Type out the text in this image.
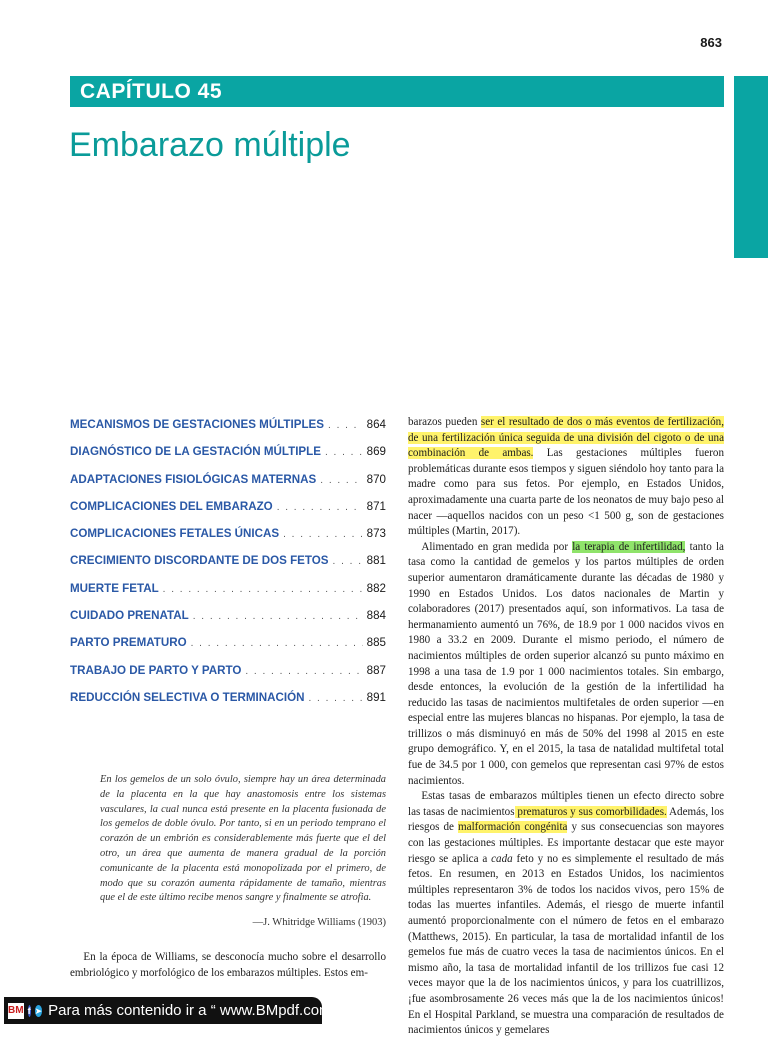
863
CAPÍTULO 45
Embarazo múltiple
MECANISMOS DE GESTACIONES MÚLTIPLES . . .	864
DIAGNÓSTICO DE LA GESTACIÓN MÚLTIPLE . . .	869
ADAPTACIONES FISIOLÓGICAS MATERNAS . . .	870
COMPLICACIONES DEL EMBARAZO . . .	871
COMPLICACIONES FETALES ÚNICAS . . .	873
CRECIMIENTO DISCORDANTE DE DOS FETOS . . .	881
MUERTE FETAL . . .	882
CUIDADO PRENATAL . . .	884
PARTO PREMATURO . . .	885
TRABAJO DE PARTO Y PARTO . . .	887
REDUCCIÓN SELECTIVA O TERMINACIÓN . . .	891
En los gemelos de un solo óvulo, siempre hay un área determinada de la placenta en la que hay anastomosis entre los sistemas vasculares, la cual nunca está presente en la placenta fusionada de los gemelos de doble óvulo. Por tanto, si en un periodo temprano el corazón de un embrión es considerablemente más fuerte que el del otro, un área que aumenta de manera gradual de la porción comunicante de la placenta está monopolizada por el primero, de modo que su corazón aumenta rápidamente de tamaño, mientras que el de este último recibe menos sangre y finalmente se atrofia.
—J. Whitridge Williams (1903)

En la época de Williams, se desconocía mucho sobre el desarrollo embriológico y morfológico de los embarazos múltiples. Estos em-

barazos pueden ser el resultado de dos o más eventos de fertilización, de una fertilización única seguida de una división del cigoto o de una combinación de ambas. Las gestaciones múltiples fueron problemáticas durante esos tiempos y siguen siéndolo hoy tanto para la madre como para sus fetos. Por ejemplo, en Estados Unidos, aproximadamente una cuarta parte de los neonatos de muy bajo peso al nacer —aquellos nacidos con un peso <1 500 g, son de gestaciones múltiples (Martin, 2017).

Alimentado en gran medida por la terapia de infertilidad, tanto la tasa como la cantidad de gemelos y los partos múltiples de orden superior aumentaron dramáticamente durante las décadas de 1980 y 1990 en Estados Unidos. Los datos nacionales de Martin y colaboradores (2017) presentados aquí, son informativos. La tasa de hermanamiento aumentó un 76%, de 18.9 por 1 000 nacidos vivos en 1980 a 33.2 en 2009. Durante el mismo periodo, el número de nacimientos múltiples de orden superior alcanzó su punto máximo en 1998 a una tasa de 1.9 por 1 000 nacimientos totales. Sin embargo, desde entonces, la evolución de la gestión de la infertilidad ha reducido las tasas de nacimientos multifetales de orden superior —en especial entre las mujeres blancas no hispanas. Por ejemplo, la tasa de trillizos o más disminuyó en más de 50% del 1998 al 2015 en este grupo demográfico. Y, en el 2015, la tasa de natalidad multifetal total fue de 34.5 por 1 000, con gemelos que representan casi 97% de estos nacimientos.

Estas tasas de embarazos múltiples tienen un efecto directo sobre las tasas de nacimientos prematuros y sus comorbilidades. Además, los riesgos de malformación congénita y sus consecuencias son mayores con las gestaciones múltiples. Es importante destacar que este mayor riesgo se aplica a cada feto y no es simplemente el resultado de más fetos. En resumen, en 2013 en Estados Unidos, los nacimientos múltiples representaron 3% de todos los nacidos vivos, pero 15% de todas las muertes infantiles. Además, el riesgo de muerte infantil aumentó proporcionalmente con el número de fetos en el embarazo (Matthews, 2015). En particular, la tasa de mortalidad infantil de los gemelos fue más de cuatro veces la tasa de nacimientos únicos. En el mismo año, la tasa de mortalidad infantil de los trillizos fue casi 12 veces mayor que la de los nacimientos únicos, y para los cuatrillizos, ¡fue asombrosamente 26 veces más que la de los nacimientos únicos! En el Hospital Parkland, se muestra una comparación de resultados de nacimientos únicos y gemelares

BM f ➤ Para más contenido ir a “ www.BMpdf.com ”
